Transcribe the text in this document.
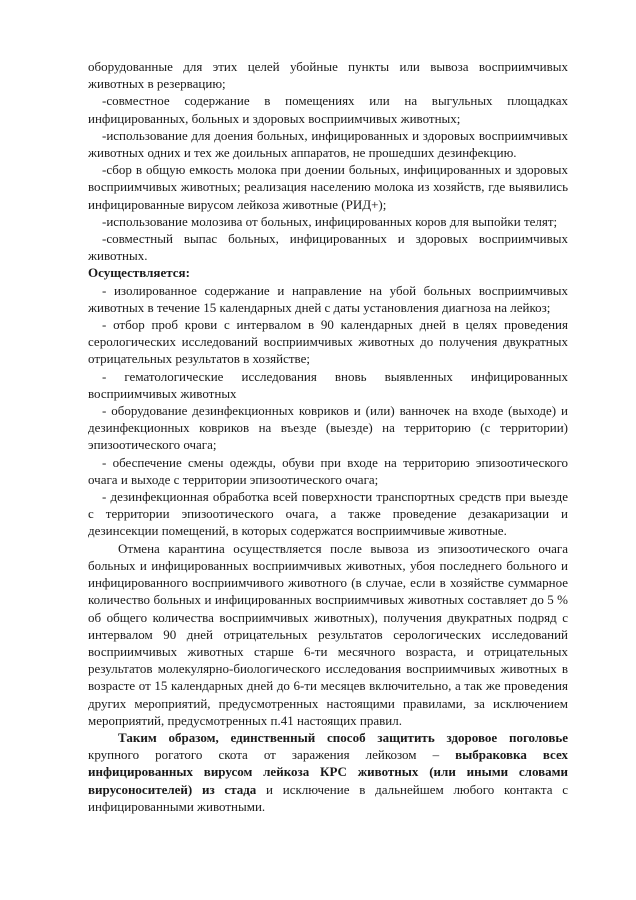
оборудованные для этих целей убойные пункты или вывоза восприимчивых животных в резервацию;

-совместное содержание в помещениях или на выгульных площадках инфицированных, больных и здоровых восприимчивых животных;

-использование для доения больных, инфицированных и здоровых восприимчивых животных одних и тех же доильных аппаратов, не прошедших дезинфекцию.

-сбор в общую емкость молока при доении больных, инфицированных и здоровых восприимчивых животных; реализация населению молока из хозяйств, где выявились инфицированные вирусом лейкоза животные (РИД+);

-использование молозива от больных, инфицированных коров для выпойки телят;

-совместный выпас больных, инфицированных и здоровых восприимчивых животных.

Осуществляется:

- изолированное содержание и направление на убой больных восприимчивых животных в течение 15 календарных дней с даты установления диагноза на лейкоз;

- отбор проб крови с интервалом в 90 календарных дней в целях проведения серологических исследований восприимчивых животных до получения двукратных отрицательных результатов в хозяйстве;

- гематологические исследования вновь выявленных инфицированных восприимчивых животных

- оборудование дезинфекционных ковриков и (или) ванночек на входе (выходе) и дезинфекционных ковриков на въезде (выезде) на территорию (с территории) эпизоотического очага;

- обеспечение смены одежды, обуви при входе на территорию эпизоотического очага и выходе с территории эпизоотического очага;

- дезинфекционная обработка всей поверхности транспортных средств при выезде с территории эпизоотического очага, а также проведение дезакаризации и дезинсекции помещений, в которых содержатся восприимчивые животные.

Отмена карантина осуществляется после вывоза из эпизоотического очага больных и инфицированных восприимчивых животных, убоя последнего больного и инфицированного восприимчивого животного (в случае, если в хозяйстве суммарное количество больных и инфицированных восприимчивых животных составляет до 5 % об общего количества восприимчивых животных), получения двукратных подряд с интервалом 90 дней отрицательных результатов серологических исследований восприимчивых животных старше 6-ти месячного возраста, и отрицательных результатов молекулярно-биологического исследования восприимчивых животных в возрасте от 15 календарных дней до 6-ти месяцев включительно, а так же проведения других мероприятий, предусмотренных настоящими правилами, за исключением мероприятий, предусмотренных п.41 настоящих правил.

Таким образом, единственный способ защитить здоровое поголовье крупного рогатого скота от заражения лейкозом – выбраковка всех инфицированных вирусом лейкоза КРС животных (или иными словами вирусоносителей) из стада и исключение в дальнейшем любого контакта с инфицированными животными.
